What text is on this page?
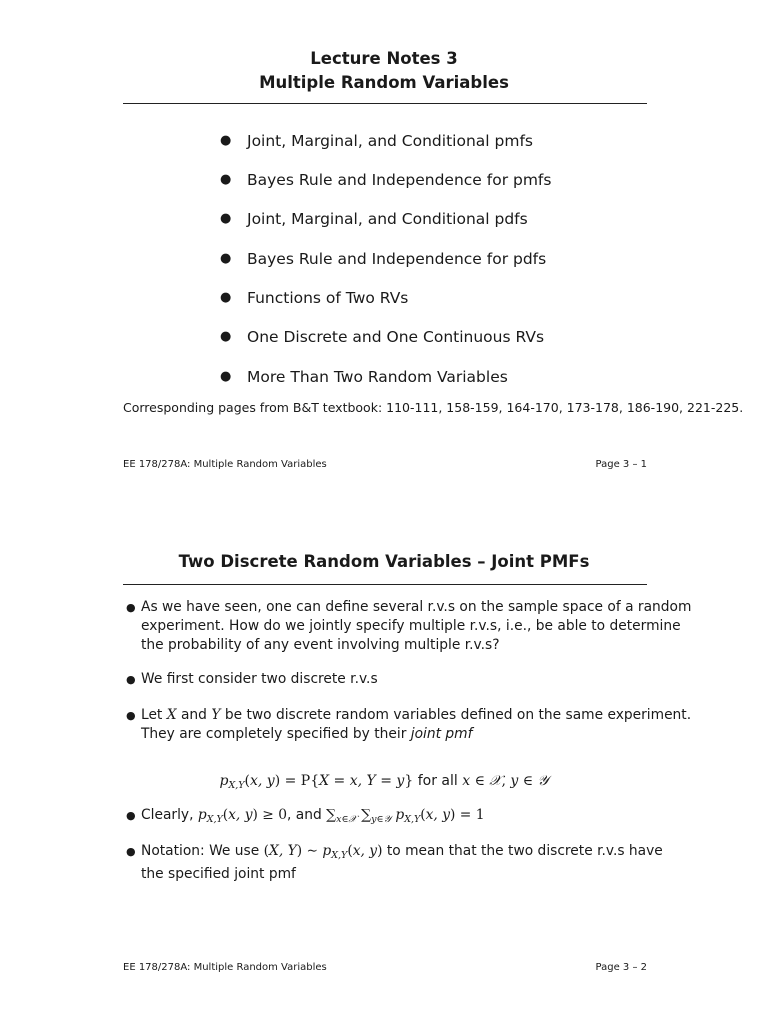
Lecture Notes 3
Multiple Random Variables
● Joint, Marginal, and Conditional pmfs
● Bayes Rule and Independence for pmfs
● Joint, Marginal, and Conditional pdfs
● Bayes Rule and Independence for pdfs
● Functions of Two RVs
● One Discrete and One Continuous RVs
● More Than Two Random Variables
Corresponding pages from B&T textbook: 110-111, 158-159, 164-170, 173-178, 186-190, 221-225.
EE 178/278A: Multiple Random Variables	Page 3 – 1
Two Discrete Random Variables – Joint PMFs
● As we have seen, one can define several r.v.s on the sample space of a random
experiment. How do we jointly specify multiple r.v.s, i.e., be able to determine
the probability of any event involving multiple r.v.s?
● We first consider two discrete r.v.s
● Let X and Y be two discrete random variables defined on the same experiment.
They are completely specified by their joint pmf
$p_{X,Y}(x$, y) = P{X = x, Y = y} for all x ∈ 𝒳, y ∈ 𝒴
● Clearly, $p_{X,Y}(x$, y) ≥ 0, and $\sum_{x\in 𝒳}$ $\sum_{y\in 𝒴}$ $p_{X,Y}(x$, y) = 1
● Notation: We use (X, Y) ∼ $p_{X,Y}(x$, y) to mean that the two discrete r.v.s have
the specified joint pmf
EE 178/278A: Multiple Random Variables	Page 3 – 2
